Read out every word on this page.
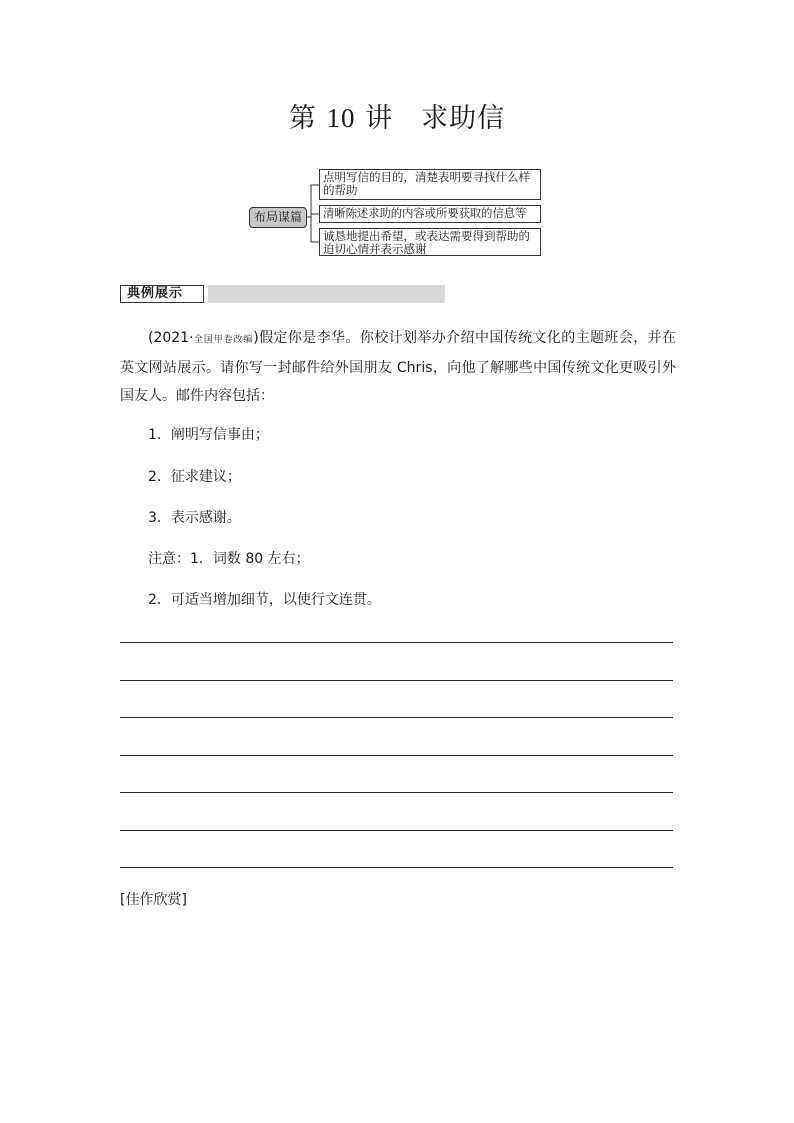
第 10 讲 求助信
布局谋篇
点明写信的目的，清楚表明要寻找什么样的帮助
清晰陈述求助的内容或所要获取的信息等
诚恳地提出希望，或表达需要得到帮助的迫切心情并表示感谢
典例展示
(2021·全国甲卷改编)假定你是李华。你校计划举办介绍中国传统文化的主题班会，并在英文网站展示。请你写一封邮件给外国朋友 Chris，向他了解哪些中国传统文化更吸引外国友人。邮件内容包括：
1．阐明写信事由；
2．征求建议；
3．表示感谢。
注意：1．词数 80 左右；
2．可适当增加细节，以使行文连贯。
[佳作欣赏]
